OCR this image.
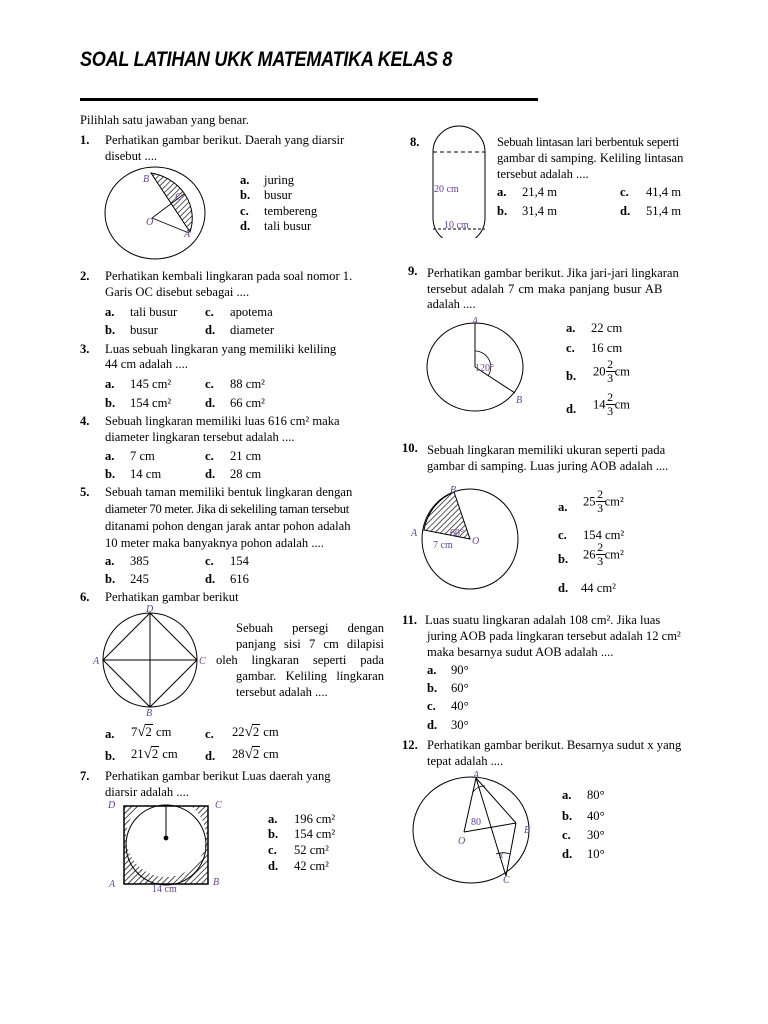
SOAL LATIHAN UKK MATEMATIKA KELAS 8
Pilihlah satu jawaban yang benar.
1. Perhatikan gambar berikut. Daerah yang diarsir
disebut ....
B
O
A
C
a. juring
b. busur
c. tembereng
d. tali busur
2. Perhatikan kembali lingkaran pada soal nomor 1.
Garis OC disebut sebagai ....
a. tali busur c. apotema
b. busur	d. diameter
3. Luas sebuah lingkaran yang memiliki keliling
44 cm adalah ....
a. 145 cm²	c. 88 cm²
b. 154 cm²	d. 66 cm²
4. Sebuah lingkaran memiliki luas 616 cm² maka
diameter lingkaran tersebut adalah ....
a. 7 cm	c. 21 cm
b. 14 cm	d. 28 cm
5. Sebuah taman memiliki bentuk lingkaran dengan
diameter 70 meter. Jika di sekeliling taman tersebut
ditanami pohon dengan jarak antar pohon adalah
10 meter maka banyaknya pohon adalah ....
a. 385	c. 154
b. 245	d. 616
6. Perhatikan gambar berikut
D
A	C
B
Sebuah persegi dengan
panjang sisi 7 cm dilapisi
oleh lingkaran seperti pada
gambar. Keliling lingkaran
tersebut adalah ....
a. 7√2 cm	c. 22√2 cm
b. 21√2 cm d. 28√2 cm
7. Perhatikan gambar berikut Luas daerah yang
diarsir adalah ....
D	C
A	B
14 cm
a. 196 cm²
b. 154 cm²
c. 52 cm²
d. 42 cm²
8.
20 cm
10 cm
Sebuah lintasan lari berbentuk seperti
gambar di samping. Keliling lintasan
tersebut adalah ....
a. 21,4 m	c. 41,4 m
b. 31,4 m	d. 51,4 m
9. Perhatikan gambar berikut. Jika jari-jari lingkaran
tersebut adalah 7 cm maka panjang busur AB
adalah ....
A
B
120°
a. 22 cm
c. 16 cm
b. $20 \frac{2}{3}$ cm
d. $14 \frac{2}{3}$ cm
10. Sebuah lingkaran memiliki ukuran seperti pada
gambar di samping. Luas juring AOB adalah ....
B
A
O
60°
7 cm
a. $25 \frac{2}{3} cm^2$
c. 154 cm²
b. $26 \frac{2}{3} cm^2$
d. 44 cm²
11. Luas suatu lingkaran adalah 108 cm². Jika luas
juring AOB pada lingkaran tersebut adalah 12 cm²
maka besarnya sudut AOB adalah ....
a. 90°
b. 60°
c. 40°
d. 30°
12. Perhatikan gambar berikut. Besarnya sudut x yang
tepat adalah ....
A
O
B
C
80
x
a. 80°
b. 40°
c. 30°
d. 10°
